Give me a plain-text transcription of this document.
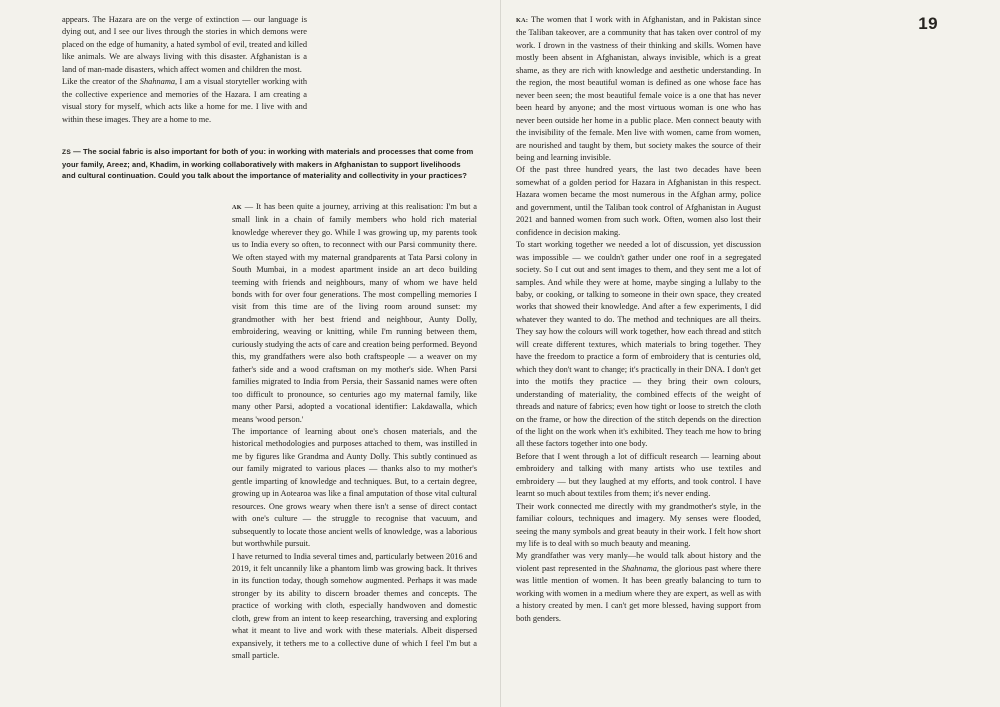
appears. The Hazara are on the verge of extinction — our language is dying out, and I see our lives through the stories in which demons were placed on the edge of humanity, a hated symbol of evil, treated and killed like animals. We are always living with this disaster. Afghanistan is a land of man-made disasters, which affect women and children the most.

Like the creator of the Shahnama, I am a visual storyteller working with the collective experience and memories of the Hazara. I am creating a visual story for myself, which acts like a home for me. I live with and within these images. They are a home to me.

ZS — The social fabric is also important for both of you: in working with materials and processes that come from your family, Areez; and, Khadim, in working collaboratively with makers in Afghanistan to support livelihoods and cultural continuation. Could you talk about the importance of materiality and collectivity in your practices?

AK — It has been quite a journey, arriving at this realisation: I'm but a small link in a chain of family members who hold rich material knowledge wherever they go. While I was growing up, my parents took us to India every so often, to reconnect with our Parsi community there. We often stayed with my maternal grandparents at Tata Parsi colony in South Mumbai, in a modest apartment inside an art deco building teeming with friends and neighbours, many of whom we have held bonds with for over four generations. The most compelling memories I visit from this time are of the living room around sunset: my grandmother with her best friend and neighbour, Aunty Dolly, embroidering, weaving or knitting, while I'm running between them, curiously studying the acts of care and creation being performed. Beyond this, my grandfathers were also both craftspeople — a weaver on my father's side and a wood craftsman on my mother's side. When Parsi families migrated to India from Persia, their Sassanid names were often too difficult to pronounce, so centuries ago my maternal family, like many other Parsi, adopted a vocational identifier: Lakdawalla, which means 'wood person.'

The importance of learning about one's chosen materials, and the historical methodologies and purposes attached to them, was instilled in me by figures like Grandma and Aunty Dolly. This subtly continued as our family migrated to various places — thanks also to my mother's gentle imparting of knowledge and techniques. But, to a certain degree, growing up in Aotearoa was like a final amputation of those vital cultural resources. One grows weary when there isn't a sense of direct contact with one's culture — the struggle to recognise that vacuum, and subsequently to locate those ancient wells of knowledge, was a laborious but worthwhile pursuit.

I have returned to India several times and, particularly between 2016 and 2019, it felt uncannily like a phantom limb was growing back. It thrives in its function today, though somehow augmented. Perhaps it was made stronger by its ability to discern broader themes and concepts. The practice of working with cloth, especially handwoven and domestic cloth, grew from an intent to keep researching, traversing and exploring what it meant to live and work with these materials. Albeit dispersed expansively, it tethers me to a collective dune of which I feel I'm but a small particle.

19

KA: The women that I work with in Afghanistan, and in Pakistan since the Taliban takeover, are a community that has taken over control of my work. I drown in the vastness of their thinking and skills. Women have mostly been absent in Afghanistan, always invisible, which is a great shame, as they are rich with knowledge and aesthetic understanding. In the region, the most beautiful woman is defined as one whose face has never been seen; the most beautiful female voice is a one that has never been heard by anyone; and the most virtuous woman is one who has never been outside her home in a public place. Men connect beauty with the invisibility of the female. Men live with women, came from women, are nourished and taught by them, but society makes the source of their being and learning invisible.

Of the past three hundred years, the last two decades have been somewhat of a golden period for Hazara in Afghanistan in this respect. Hazara women became the most numerous in the Afghan army, police and government, until the Taliban took control of Afghanistan in August 2021 and banned women from such work. Often, women also lost their confidence in decision making.

To start working together we needed a lot of discussion, yet discussion was impossible — we couldn't gather under one roof in a segregated society. So I cut out and sent images to them, and they sent me a lot of samples. And while they were at home, maybe singing a lullaby to the baby, or cooking, or talking to someone in their own space, they created works that showed their knowledge. And after a few experiments, I did whatever they wanted to do. The method and techniques are all theirs. They say how the colours will work together, how each thread and stitch will create different textures, which materials to bring together. They have the freedom to practice a form of embroidery that is centuries old, which they don't want to change; it's practically in their DNA. I don't get into the motifs they practice — they bring their own colours, understanding of materiality, the combined effects of the weight of threads and nature of fabrics; even how tight or loose to stretch the cloth on the frame, or how the direction of the stitch depends on the direction of the light on the work when it's exhibited. They teach me how to bring all these factors together into one body.

Before that I went through a lot of difficult research — learning about embroidery and talking with many artists who use textiles and embroidery — but they laughed at my efforts, and took control. I have learnt so much about textiles from them; it's never ending.

Their work connected me directly with my grandmother's style, in the familiar colours, techniques and imagery. My senses were flooded, seeing the many symbols and great beauty in their work. I felt how short my life is to deal with so much beauty and meaning.

My grandfather was very manly—he would talk about history and the violent past represented in the Shahnama, the glorious past where there was little mention of women. It has been greatly balancing to turn to working with women in a medium where they are expert, as well as with a history created by men. I can't get more blessed, having support from both genders.
